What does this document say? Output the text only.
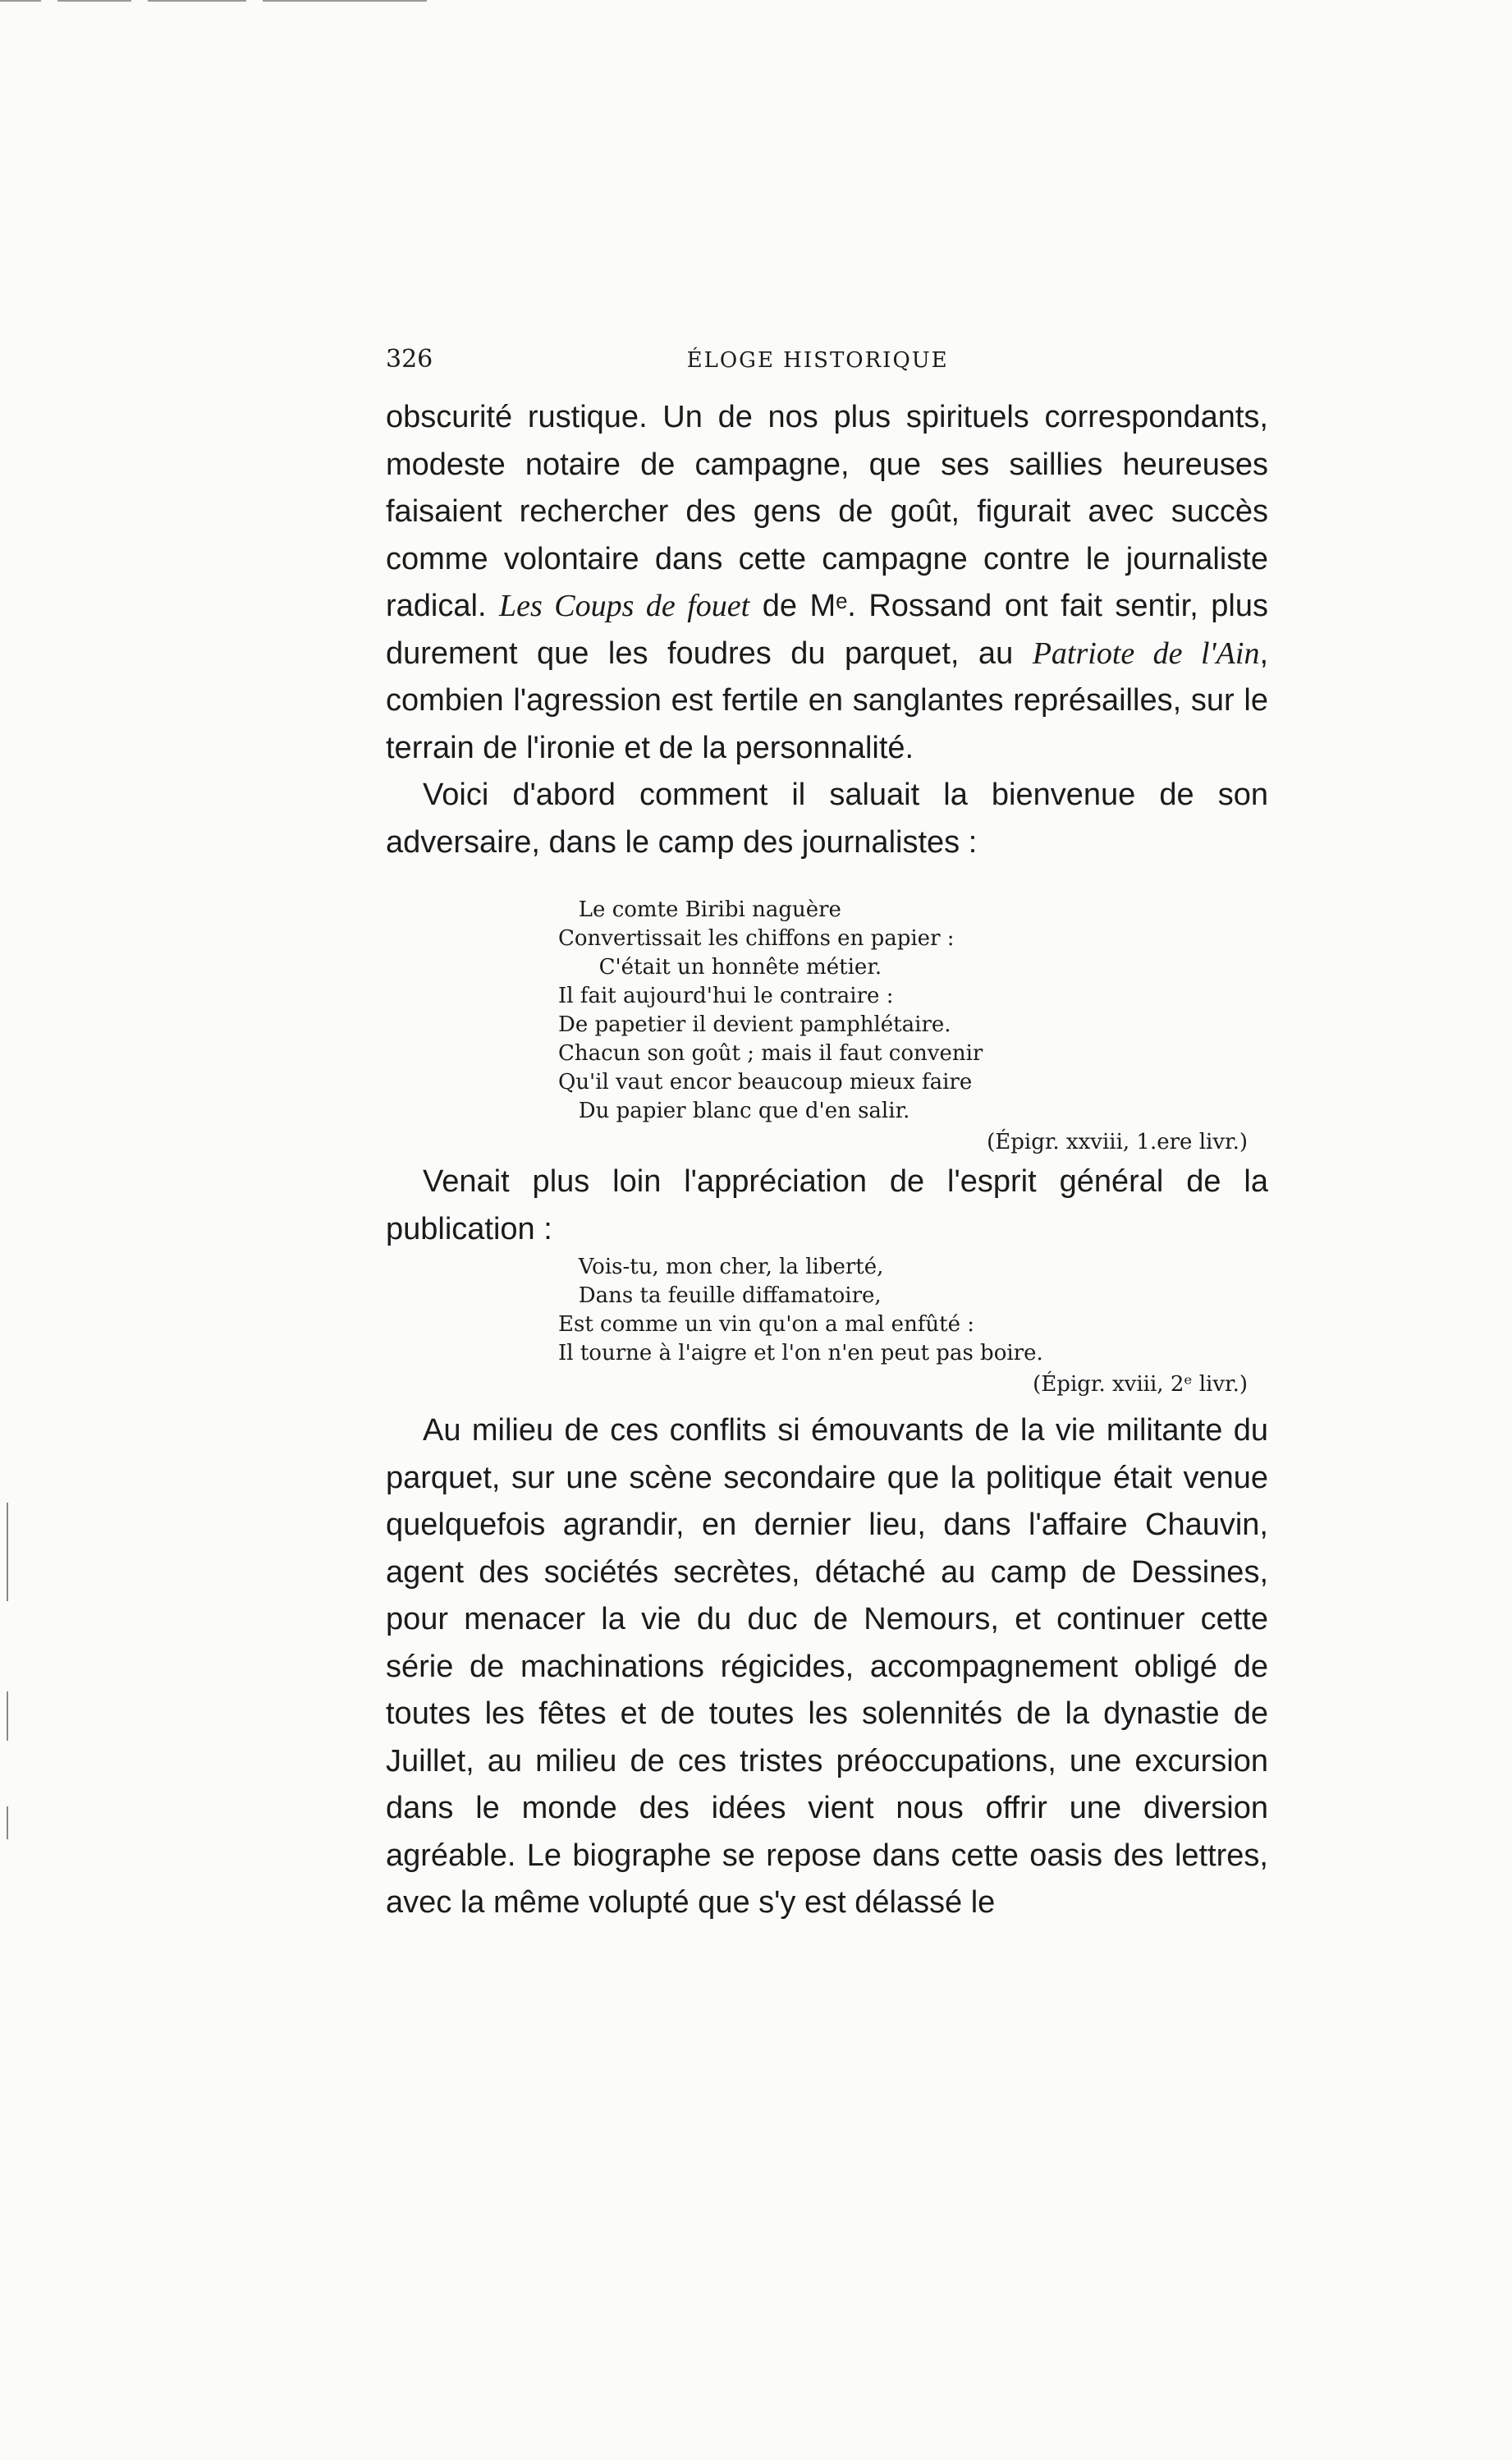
326	ÉLOGE HISTORIQUE

obscurité rustique. Un de nos plus spirituels correspondants, modeste notaire de campagne, que ses saillies heureuses faisaient rechercher des gens de goût, figurait avec succès comme volontaire dans cette campagne contre le journaliste radical. Les Coups de fouet de Mᵉ. Rossand ont fait sentir, plus durement que les foudres du parquet, au Patriote de l'Ain, combien l'agression est fertile en sanglantes représailles, sur le terrain de l'ironie et de la personnalité.

Voici d'abord comment il saluait la bienvenue de son adversaire, dans le camp des journalistes :

Le comte Biribi naguère
Convertissait les chiffons en papier :
C'était un honnête métier.
Il fait aujourd'hui le contraire :
De papetier il devient pamphlétaire.
Chacun son goût ; mais il faut convenir
Qu'il vaut encor beaucoup mieux faire
Du papier blanc que d'en salir.
(Épigr. xxviii, 1.ere livr.)

Venait plus loin l'appréciation de l'esprit général de la publication :

Vois-tu, mon cher, la liberté,
Dans ta feuille diffamatoire,
Est comme un vin qu'on a mal enfûté :
Il tourne à l'aigre et l'on n'en peut pas boire.
(Épigr. xviii, 2ᵉ livr.)

Au milieu de ces conflits si émouvants de la vie militante du parquet, sur une scène secondaire que la politique était venue quelquefois agrandir, en dernier lieu, dans l'affaire Chauvin, agent des sociétés secrètes, détaché au camp de Dessines, pour menacer la vie du duc de Nemours, et continuer cette série de machinations régicides, accompagnement obligé de toutes les fêtes et de toutes les solennités de la dynastie de Juillet, au milieu de ces tristes préoccupations, une excursion dans le monde des idées vient nous offrir une diversion agréable. Le biographe se repose dans cette oasis des lettres, avec la même volupté que s'y est délassé le
